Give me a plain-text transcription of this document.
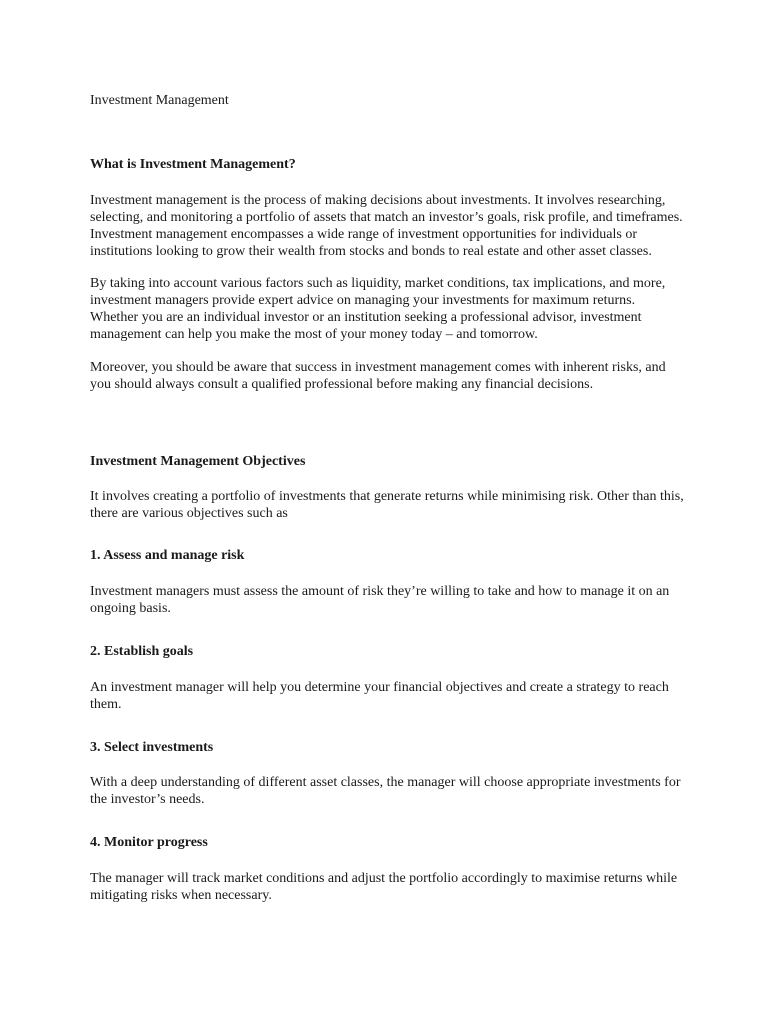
Investment Management
What is Investment Management?
Investment management is the process of making decisions about investments. It involves researching,
selecting, and monitoring a portfolio of assets that match an investor’s goals, risk profile, and timeframes.
Investment management encompasses a wide range of investment opportunities for individuals or
institutions looking to grow their wealth from stocks and bonds to real estate and other asset classes.
By taking into account various factors such as liquidity, market conditions, tax implications, and more,
investment managers provide expert advice on managing your investments for maximum returns.
Whether you are an individual investor or an institution seeking a professional advisor, investment
management can help you make the most of your money today – and tomorrow.
Moreover, you should be aware that success in investment management comes with inherent risks, and
you should always consult a qualified professional before making any financial decisions.
Investment Management Objectives
It involves creating a portfolio of investments that generate returns while minimising risk. Other than this,
there are various objectives such as
1. Assess and manage risk
Investment managers must assess the amount of risk they’re willing to take and how to manage it on an
ongoing basis.
2. Establish goals
An investment manager will help you determine your financial objectives and create a strategy to reach
them.
3. Select investments
With a deep understanding of different asset classes, the manager will choose appropriate investments for
the investor’s needs.
4. Monitor progress
The manager will track market conditions and adjust the portfolio accordingly to maximise returns while
mitigating risks when necessary.
